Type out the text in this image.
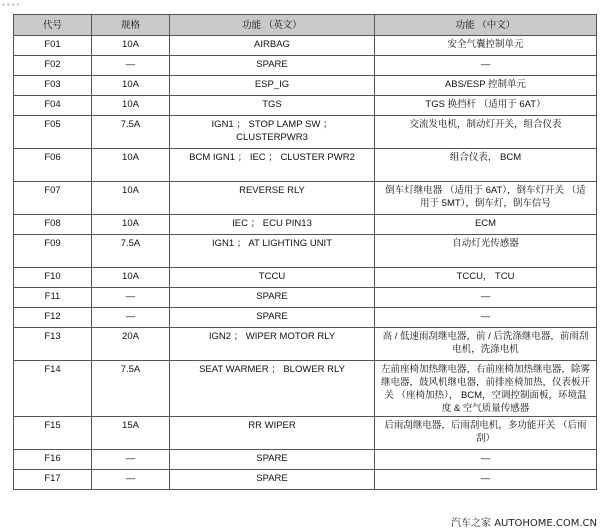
▪▪▪▪
代号	规格	功能 （英文）	功能 （中文）
F01	10A	AIRBAG	安全气囊控制单元
F02	—	SPARE	—
F03	10A	ESP_IG	ABS/ESP 控制单元
F04	10A	TGS	TGS 换挡杆 （适用于 6AT）
F05	7.5A	IGN1 ； STOP LAMP SW ； CLUSTERPWR3	交流发电机，制动灯开关，组合仪表
F06	10A	BCM IGN1 ； IEC ； CLUSTER PWR2	组合仪表， BCM
F07	10A	REVERSE RLY	倒车灯继电器 （适用于 6AT），倒车灯开关 （适用于 5MT），倒车灯，倒车信号
F08	10A	IEC ； ECU PIN13	ECM
F09	7.5A	IGN1 ； AT LIGHTING UNIT	自动灯光传感器
F10	10A	TCCU	TCCU， TCU
F11	—	SPARE	—
F12	—	SPARE	—
F13	20A	IGN2 ； WIPER MOTOR RLY	高 / 低速雨刮继电器，前 / 后洗涤继电器，前雨刮电机，洗涤电机
F14	7.5A	SEAT WARMER ； BLOWER RLY	左前座椅加热继电器，右前座椅加热继电器，除雾继电器，鼓风机继电器，前排座椅加热，仪表板开关 （座椅加热）， BCM，空调控制面板，环境温度 & 空气质量传感器
F15	15A	RR WIPER	后雨刮继电器，后雨刮电机，多功能开关 （后雨刮）
F16	—	SPARE	—
F17	—	SPARE	—
汽车之家 AUTOHOME.COM.CN
